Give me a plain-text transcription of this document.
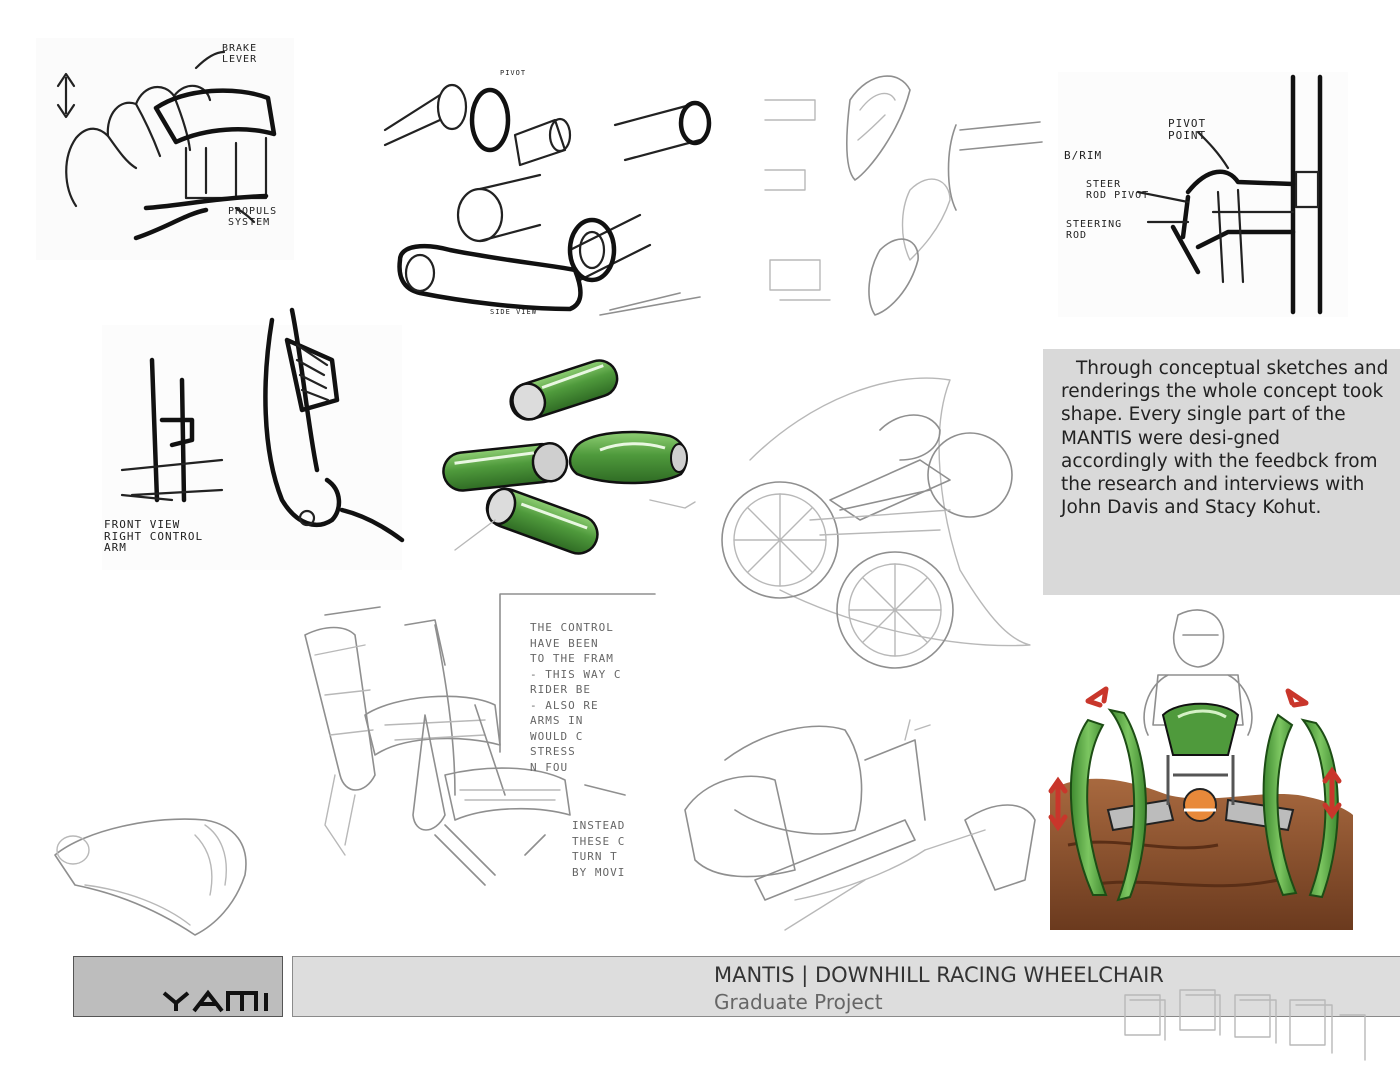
BRAKE
LEVER
PROPULS
SYSTEM
PIVOT
SIDE VIEW
PIVOT
POINT
B/RIM
STEER
ROD PIVOT
STEERING
ROD
FRONT VIEW
RIGHT CONTROL
ARM
THE CONTROL
HAVE BEEN
TO THE FRAM
- THIS WAY C
RIDER BE
- ALSO RE
ARMS IN
WOULD C
STRESS
N FOU
INSTEAD
THESE C
TURN T
BY MOVI

Through conceptual sketches and renderings the whole concept took shape. Every single part of the MANTIS were desi-gned accordingly with the feedbck from the research and interviews with John Davis and Stacy Kohut.

MANTIS | DOWNHILL RACING WHEELCHAIR
Graduate Project
